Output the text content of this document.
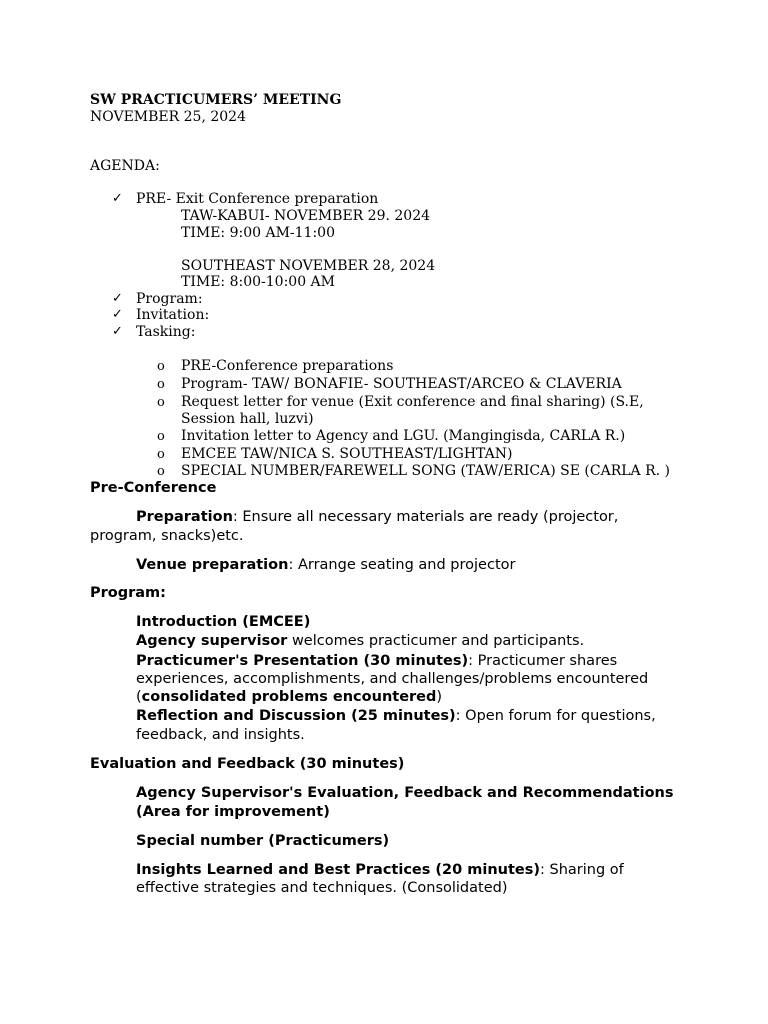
SW PRACTICUMERS’ MEETING
NOVEMBER 25, 2024
AGENDA:
✓ PRE- Exit Conference preparation
TAW-KABUI- NOVEMBER 29. 2024
TIME: 9:00 AM-11:00
SOUTHEAST NOVEMBER 28, 2024
TIME: 8:00-10:00 AM
✓ Program:
✓ Invitation:
✓ Tasking:
o PRE-Conference preparations
o Program- TAW/ BONAFIE- SOUTHEAST/ARCEO & CLAVERIA
o Request letter for venue (Exit conference and final sharing) (S.E,
Session hall, luzvi)
o Invitation letter to Agency and LGU. (Mangingisda, CARLA R.)
o EMCEE TAW/NICA S. SOUTHEAST/LIGHTAN)
o SPECIAL NUMBER/FAREWELL SONG (TAW/ERICA) SE (CARLA R. )
Pre-Conference
Preparation: Ensure all necessary materials are ready (projector,
program, snacks)etc.
Venue preparation: Arrange seating and projector
Program:
Introduction (EMCEE)
Agency supervisor welcomes practicumer and participants.
Practicumer's Presentation (30 minutes): Practicumer shares
experiences, accomplishments, and challenges/problems encountered
(consolidated problems encountered)
Reflection and Discussion (25 minutes): Open forum for questions,
feedback, and insights.
Evaluation and Feedback (30 minutes)
Agency Supervisor's Evaluation, Feedback and Recommendations
(Area for improvement)
Special number (Practicumers)
Insights Learned and Best Practices (20 minutes): Sharing of
effective strategies and techniques. (Consolidated)
